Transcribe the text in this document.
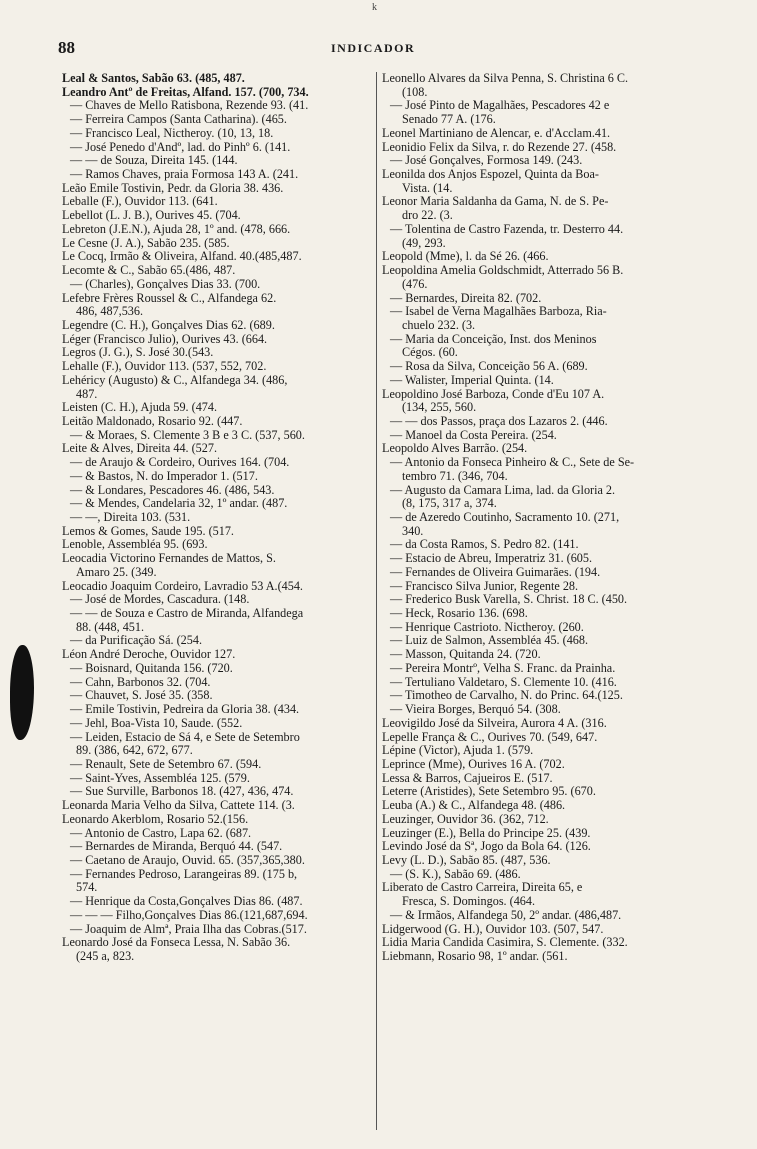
k
88	INDICADOR

Leal & Santos, Sabão 63. (485, 487.

Leandro Antº de Freitas, Alfand. 157. (700, 734.

— Chaves de Mello Ratisbona, Rezende 93. (41.

— Ferreira Campos (Santa Catharina). (465.

— Francisco Leal, Nictheroy. (10, 13, 18.

— José Penedo d'Andº, lad. do Pinhº 6. (141.

— — de Souza, Direita 145. (144.

— Ramos Chaves, praia Formosa 143 A. (241.

Leão Emile Tostivin, Pedr. da Gloria 38. 436.

Leballe (F.), Ouvidor 113. (641.

Lebellot (L. J. B.), Ourives 45. (704.

Lebreton (J.E.N.), Ajuda 28, 1º and. (478, 666.

Le Cesne (J. A.), Sabão 235. (585.

Le Cocq, Irmão & Oliveira, Alfand. 40.(485,487.

Lecomte & C., Sabão 65.(486, 487.

— (Charles), Gonçalves Dias 33. (700.

Lefebre Frères Roussel & C., Alfandega 62.

486, 487,536.

Legendre (C. H.), Gonçalves Dias 62. (689.

Léger (Francisco Julio), Ourives 43. (664.

Legros (J. G.), S. José 30.(543.

Lehalle (F.), Ouvidor 113. (537, 552, 702.

Lehéricy (Augusto) & C., Alfandega 34. (486,

487.

Leisten (C. H.), Ajuda 59. (474.

Leitão Maldonado, Rosario 92. (447.

— & Moraes, S. Clemente 3 B e 3 C. (537, 560.

Leite & Alves, Direita 44. (527.

— de Araujo & Cordeiro, Ourives 164. (704.

— & Bastos, N. do Imperador 1. (517.

— & Londares, Pescadores 46. (486, 543.

— & Mendes, Candelaria 32, 1º andar. (487.

— —, Direita 103. (531.

Lemos & Gomes, Saude 195. (517.

Lenoble, Assembléa 95. (693.

Leocadia Victorino Fernandes de Mattos, S.

Amaro 25. (349.

Leocadio Joaquim Cordeiro, Lavradio 53 A.(454.

— José de Mordes, Cascadura. (148.

— — de Souza e Castro de Miranda, Alfandega

88. (448, 451.

— da Purificação Sá. (254.

Léon André Deroche, Ouvidor 127.

— Boisnard, Quitanda 156. (720.

— Cahn, Barbonos 32. (704.

— Chauvet, S. José 35. (358.

— Emile Tostivin, Pedreira da Gloria 38. (434.

— Jehl, Boa-Vista 10, Saude. (552.

— Leiden, Estacio de Sá 4, e Sete de Setembro

89. (386, 642, 672, 677.

— Renault, Sete de Setembro 67. (594.

— Saint-Yves, Assembléa 125. (579.

— Sue Surville, Barbonos 18. (427, 436, 474.

Leonarda Maria Velho da Silva, Cattete 114. (3.

Leonardo Akerblom, Rosario 52.(156.

— Antonio de Castro, Lapa 62. (687.

— Bernardes de Miranda, Berquó 44. (547.

— Caetano de Araujo, Ouvid. 65. (357,365,380.

— Fernandes Pedroso, Larangeiras 89. (175 b,

574.

— Henrique da Costa,Gonçalves Dias 86. (487.

— — — Filho,Gonçalves Dias 86.(121,687,694.

— Joaquim de Almª, Praia Ilha das Cobras.(517.

Leonardo José da Fonseca Lessa, N. Sabão 36.

(245 a, 823.

Leonello Alvares da Silva Penna, S. Christina 6 C.

(108.

— José Pinto de Magalhães, Pescadores 42 e

Senado 77 A. (176.

Leonel Martiniano de Alencar, e. d'Acclam.41.

Leonidio Felix da Silva, r. do Rezende 27. (458.

— José Gonçalves, Formosa 149. (243.

Leonilda dos Anjos Espozel, Quinta da Boa-

Vista. (14.

Leonor Maria Saldanha da Gama, N. de S. Pe-

dro 22. (3.

— Tolentina de Castro Fazenda, tr. Desterro 44.

(49, 293.

Leopold (Mme), l. da Sé 26. (466.

Leopoldina Amelia Goldschmidt, Atterrado 56 B.

(476.

— Bernardes, Direita 82. (702.

— Isabel de Verna Magalhães Barboza, Ria-

chuelo 232. (3.

— Maria da Conceição, Inst. dos Meninos

Cégos. (60.

— Rosa da Silva, Conceição 56 A. (689.

— Walister, Imperial Quinta. (14.

Leopoldino José Barboza, Conde d'Eu 107 A.

(134, 255, 560.

— — dos Passos, praça dos Lazaros 2. (446.

— Manoel da Costa Pereira. (254.

Leopoldo Alves Barrão. (254.

— Antonio da Fonseca Pinheiro & C., Sete de Se-

tembro 71. (346, 704.

— Augusto da Camara Lima, lad. da Gloria 2.

(8, 175, 317 a, 374.

— de Azeredo Coutinho, Sacramento 10. (271,

340.

— da Costa Ramos, S. Pedro 82. (141.

— Estacio de Abreu, Imperatriz 31. (605.

— Fernandes de Oliveira Guimarães. (194.

— Francisco Silva Junior, Regente 28.

— Frederico Busk Varella, S. Christ. 18 C. (450.

— Heck, Rosario 136. (698.

— Henrique Castrioto. Nictheroy. (260.

— Luiz de Salmon, Assembléa 45. (468.

— Masson, Quitanda 24. (720.

— Pereira Montrº, Velha S. Franc. da Prainha.

— Tertuliano Valdetaro, S. Clemente 10. (416.

— Timotheo de Carvalho, N. do Princ. 64.(125.

— Vieira Borges, Berquó 54. (308.

Leovigildo José da Silveira, Aurora 4 A. (316.

Lepelle França & C., Ourives 70. (549, 647.

Lépine (Victor), Ajuda 1. (579.

Leprince (Mme), Ourives 16 A. (702.

Lessa & Barros, Cajueiros E. (517.

Leterre (Aristides), Sete Setembro 95. (670.

Leuba (A.) & C., Alfandega 48. (486.

Leuzinger, Ouvidor 36. (362, 712.

Leuzinger (E.), Bella do Principe 25. (439.

Levindo José da Sª, Jogo da Bola 64. (126.

Levy (L. D.), Sabão 85. (487, 536.

— (S. K.), Sabão 69. (486.

Liberato de Castro Carreira, Direita 65, e

Fresca, S. Domingos. (464.

— & Irmãos, Alfandega 50, 2º andar. (486,487.

Lidgerwood (G. H.), Ouvidor 103. (507, 547.

Lidia Maria Candida Casimira, S. Clemente. (332.

Liebmann, Rosario 98, 1º andar. (561.
